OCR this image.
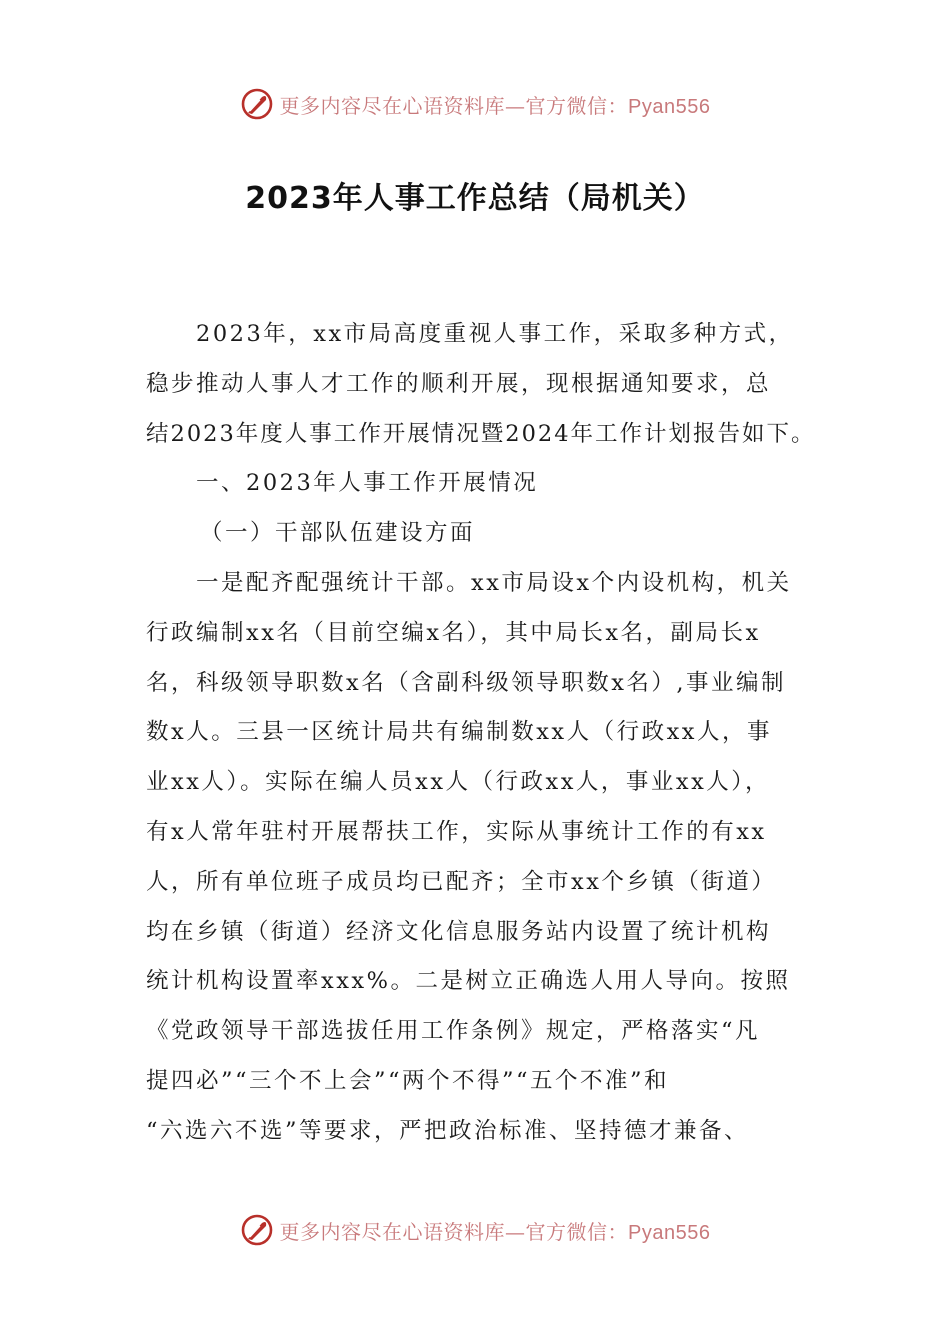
更多内容尽在心语资料库—官方微信：Pyan556
2023年人事工作总结（局机关）
2023年，xx市局高度重视人事工作，采取多种方式，
稳步推动人事人才工作的顺利开展，现根据通知要求，总
结2023年度人事工作开展情况暨2024年工作计划报告如下。
一、2023年人事工作开展情况
（一）干部队伍建设方面
一是配齐配强统计干部。xx市局设x个内设机构，机关
行政编制xx名（目前空编x名），其中局长x名，副局长x
名，科级领导职数x名（含副科级领导职数x名）,事业编制
数x人。三县一区统计局共有编制数xx人（行政xx人，事
业xx人）。实际在编人员xx人（行政xx人，事业xx人），
有x人常年驻村开展帮扶工作，实际从事统计工作的有xx
人，所有单位班子成员均已配齐；全市xx个乡镇（街道）
均在乡镇（街道）经济文化信息服务站内设置了统计机构
统计机构设置率xxx%。二是树立正确选人用人导向。按照
《党政领导干部选拔任用工作条例》规定，严格落实“凡
提四必”“三个不上会”“两个不得”“五个不准”和
“六选六不选”等要求，严把政治标准、坚持德才兼备、
更多内容尽在心语资料库—官方微信：Pyan556
